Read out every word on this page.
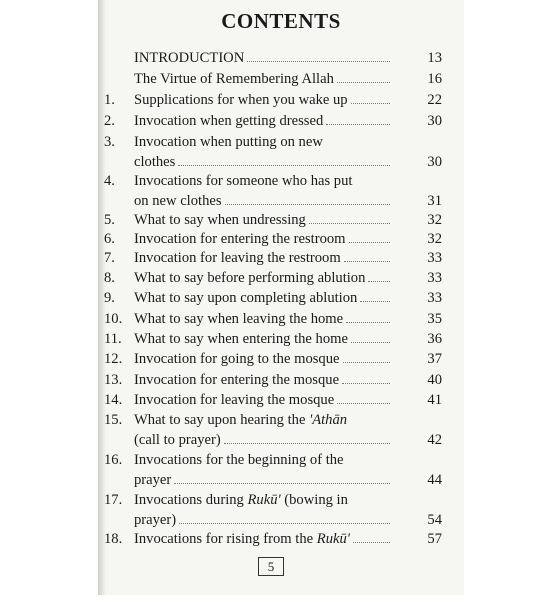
CONTENTS
INTRODUCTION	13
The Virtue of Remembering Allah	16
1.	Supplications for when you wake up	22
2.	Invocation when getting dressed	30
3.	Invocation when putting on new
clothes	30
4.	Invocations for someone who has put
on new clothes	31
5.	What to say when undressing	32
6.	Invocation for entering the restroom	32
7.	Invocation for leaving the restroom	33
8.	What to say before performing ablution	33
9.	What to say upon completing ablution	33
10. What to say when leaving the home	35
11. What to say when entering the home	36
12. Invocation for going to the mosque	37
13. Invocation for entering the mosque	40
14. Invocation for leaving the mosque	41
15. What to say upon hearing the 'Athān
(call to prayer)	42
16. Invocations for the beginning of the
prayer	44
17. Invocations during Rukū' (bowing in
prayer)	54
18. Invocations for rising from the Rukū'	57
5
